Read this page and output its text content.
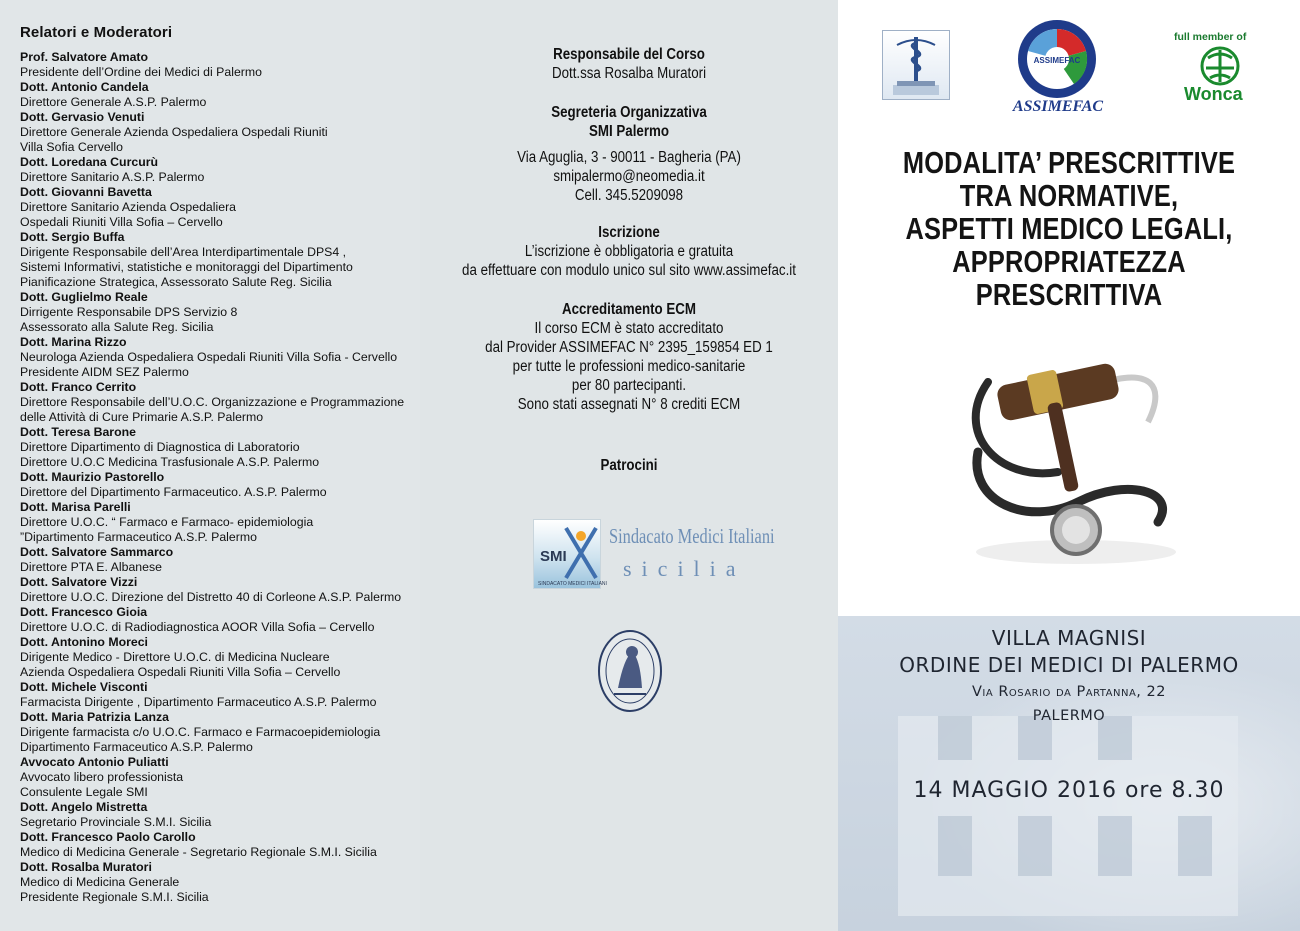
Relatori e Moderatori
Prof. Salvatore Amato
Presidente dell’Ordine dei Medici di Palermo
Dott. Antonio Candela
Direttore Generale A.S.P. Palermo
Dott. Gervasio Venuti
Direttore Generale Azienda Ospedaliera Ospedali Riuniti
Villa Sofia Cervello
Dott. Loredana Curcurù
Direttore Sanitario A.S.P. Palermo
Dott. Giovanni Bavetta
Direttore Sanitario Azienda Ospedaliera
Ospedali Riuniti Villa Sofia – Cervello
Dott. Sergio Buffa
Dirigente Responsabile dell’Area Interdipartimentale DPS4 ,
Sistemi Informativi, statistiche e monitoraggi del Dipartimento
Pianificazione Strategica, Assessorato Salute Reg. Sicilia
Dott. Guglielmo Reale
Dirrigente Responsabile DPS Servizio 8
Assessorato alla Salute Reg. Sicilia
Dott. Marina Rizzo
Neurologa Azienda Ospedaliera Ospedali Riuniti Villa Sofia - Cervello
Presidente AIDM SEZ Palermo
Dott. Franco Cerrito
Direttore Responsabile dell’U.O.C. Organizzazione e Programmazione
delle Attività di Cure Primarie A.S.P. Palermo
Dott. Teresa Barone
Direttore Dipartimento di Diagnostica di Laboratorio
Direttore U.O.C Medicina Trasfusionale A.S.P. Palermo
Dott. Maurizio Pastorello
Direttore del Dipartimento Farmaceutico. A.S.P. Palermo
Dott. Marisa Parelli
Direttore U.O.C. “ Farmaco e Farmaco- epidemiologia
”Dipartimento Farmaceutico A.S.P. Palermo
Dott. Salvatore Sammarco
Direttore PTA E. Albanese
Dott. Salvatore Vizzi
Direttore U.O.C. Direzione del Distretto 40 di Corleone A.S.P. Palermo
Dott. Francesco Gioia
Direttore U.O.C. di Radiodiagnostica AOOR Villa Sofia – Cervello
Dott. Antonino Moreci
Dirigente Medico - Direttore U.O.C. di Medicina Nucleare
Azienda Ospedaliera Ospedali Riuniti Villa Sofia – Cervello
Dott. Michele Visconti
Farmacista Dirigente , Dipartimento Farmaceutico A.S.P. Palermo
Dott. Maria Patrizia Lanza
Dirigente farmacista c/o U.O.C. Farmaco e Farmacoepidemiologia
Dipartimento Farmaceutico A.S.P. Palermo
Avvocato Antonio Puliatti
Avvocato libero professionista
Consulente Legale SMI
Dott. Angelo Mistretta
Segretario Provinciale S.M.I. Sicilia
Dott. Francesco Paolo Carollo
Medico di Medicina Generale - Segretario Regionale S.M.I. Sicilia
Dott. Rosalba Muratori
Medico di Medicina Generale
Presidente Regionale S.M.I. Sicilia
Responsabile del Corso
Dott.ssa Rosalba Muratori
Segreteria Organizzativa
SMI Palermo
Via Aguglia, 3 - 90011 - Bagheria (PA)
smipalermo@neomedia.it
Cell. 345.5209098
Iscrizione
L’iscrizione è obbligatoria e gratuita
da effettuare con modulo unico sul sito www.assimefac.it
Accreditamento ECM
Il corso ECM è stato accreditato
dal Provider ASSIMEFAC N° 2395_159854 ED 1
per tutte le professioni medico-sanitarie
per 80 partecipanti.
Sono stati assegnati N° 8 crediti ECM
Patrocini
SMI
SINDACATO MEDICI ITALIANI
Sindacato Medici Italiani
sicilia
ASSIMEFAC
ASSIMEFAC
full member of
Wonca
MODALITA’ PRESCRITTIVE
TRA NORMATIVE,
ASPETTI MEDICO LEGALI,
APPROPRIATEZZA
PRESCRITTIVA
VILLA MAGNISI
ORDINE DEI MEDICI DI PALERMO
Via Rosario da Partanna, 22
PALERMO
14 MAGGIO 2016 ore 8.30
